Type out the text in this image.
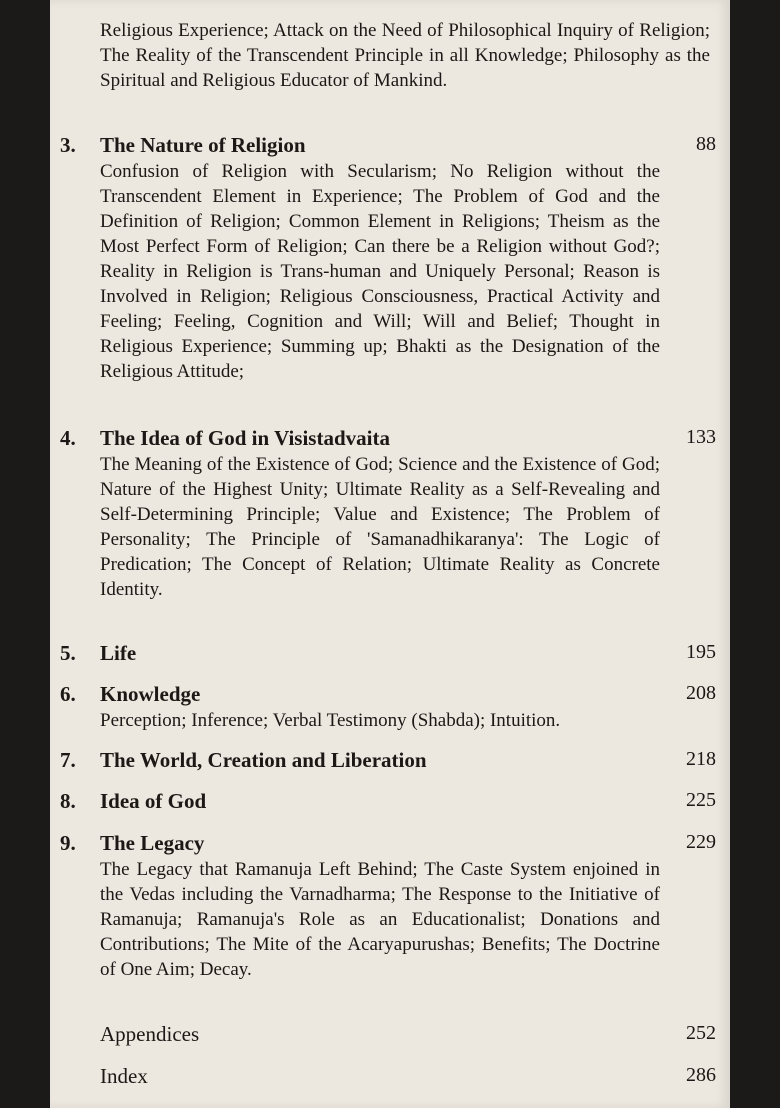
Religious Experience; Attack on the Need of Philosophical Inquiry of Religion; The Reality of the Transcendent Principle in all Knowledge; Philosophy as the Spiritual and Religious Educator of Mankind.
3.	The Nature of Religion	88
Confusion of Religion with Secularism; No Religion without the Transcendent Element in Experience; The Problem of God and the Definition of Religion; Common Element in Religions; Theism as the Most Perfect Form of Religion; Can there be a Religion without God?; Reality in Religion is Trans-human and Uniquely Personal; Reason is Involved in Religion; Religious Consciousness, Practical Activity and Feeling; Feeling, Cognition and Will; Will and Belief; Thought in Religious Experience; Summing up; Bhakti as the Designation of the Religious Attitude;
4.	The Idea of God in Visistadvaita	133
The Meaning of the Existence of God; Science and the Existence of God; Nature of the Highest Unity; Ultimate Reality as a Self-Revealing and Self-Determining Principle; Value and Existence; The Problem of Personality; The Principle of 'Samanadhikaranya': The Logic of Predication; The Concept of Relation; Ultimate Reality as Concrete Identity.
5.	Life	195
6.	Knowledge	208
Perception; Inference; Verbal Testimony (Shabda); Intuition.
7.	The World, Creation and Liberation	218
8.	Idea of God	225
9.	The Legacy	229
The Legacy that Ramanuja Left Behind; The Caste System enjoined in the Vedas including the Varnadharma; The Response to the Initiative of Ramanuja; Ramanuja's Role as an Educationalist; Donations and Contributions; The Mite of the Acaryapurushas; Benefits; The Doctrine of One Aim; Decay.
Appendices	252
Index	286
